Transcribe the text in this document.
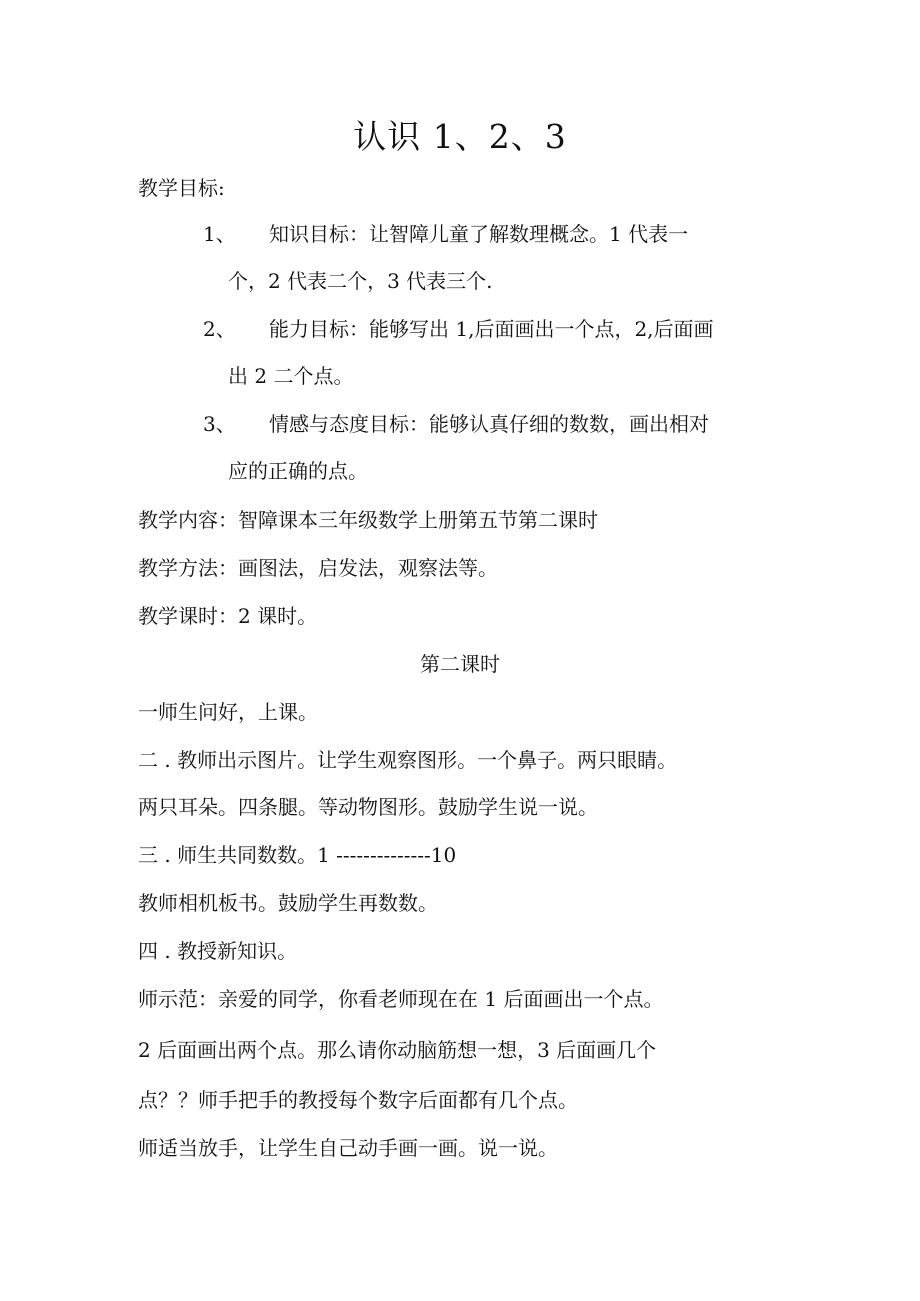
认识 1、2、3
教学目标:
1、 知识目标：让智障儿童了解数理概念。1 代表一
个，2 代表二个，3 代表三个.
2、 能力目标：能够写出 1,后面画出一个点，2,后面画
出 2 二个点。
3、 情感与态度目标：能够认真仔细的数数，画出相对
应的正确的点。
教学内容：智障课本三年级数学上册第五节第二课时
教学方法：画图法，启发法，观察法等。
教学课时：2 课时。
第二课时
一师生问好，上课。
二 . 教师出示图片。让学生观察图形。一个鼻子。两只眼睛。
两只耳朵。四条腿。等动物图形。鼓励学生说一说。
三 . 师生共同数数。1 --------------10
教师相机板书。鼓励学生再数数。
四 . 教授新知识。
师示范：亲爱的同学，你看老师现在在 1 后面画出一个点。
2 后面画出两个点。那么请你动脑筋想一想，3 后面画几个
点？？师手把手的教授每个数字后面都有几个点。
师适当放手，让学生自己动手画一画。说一说。
